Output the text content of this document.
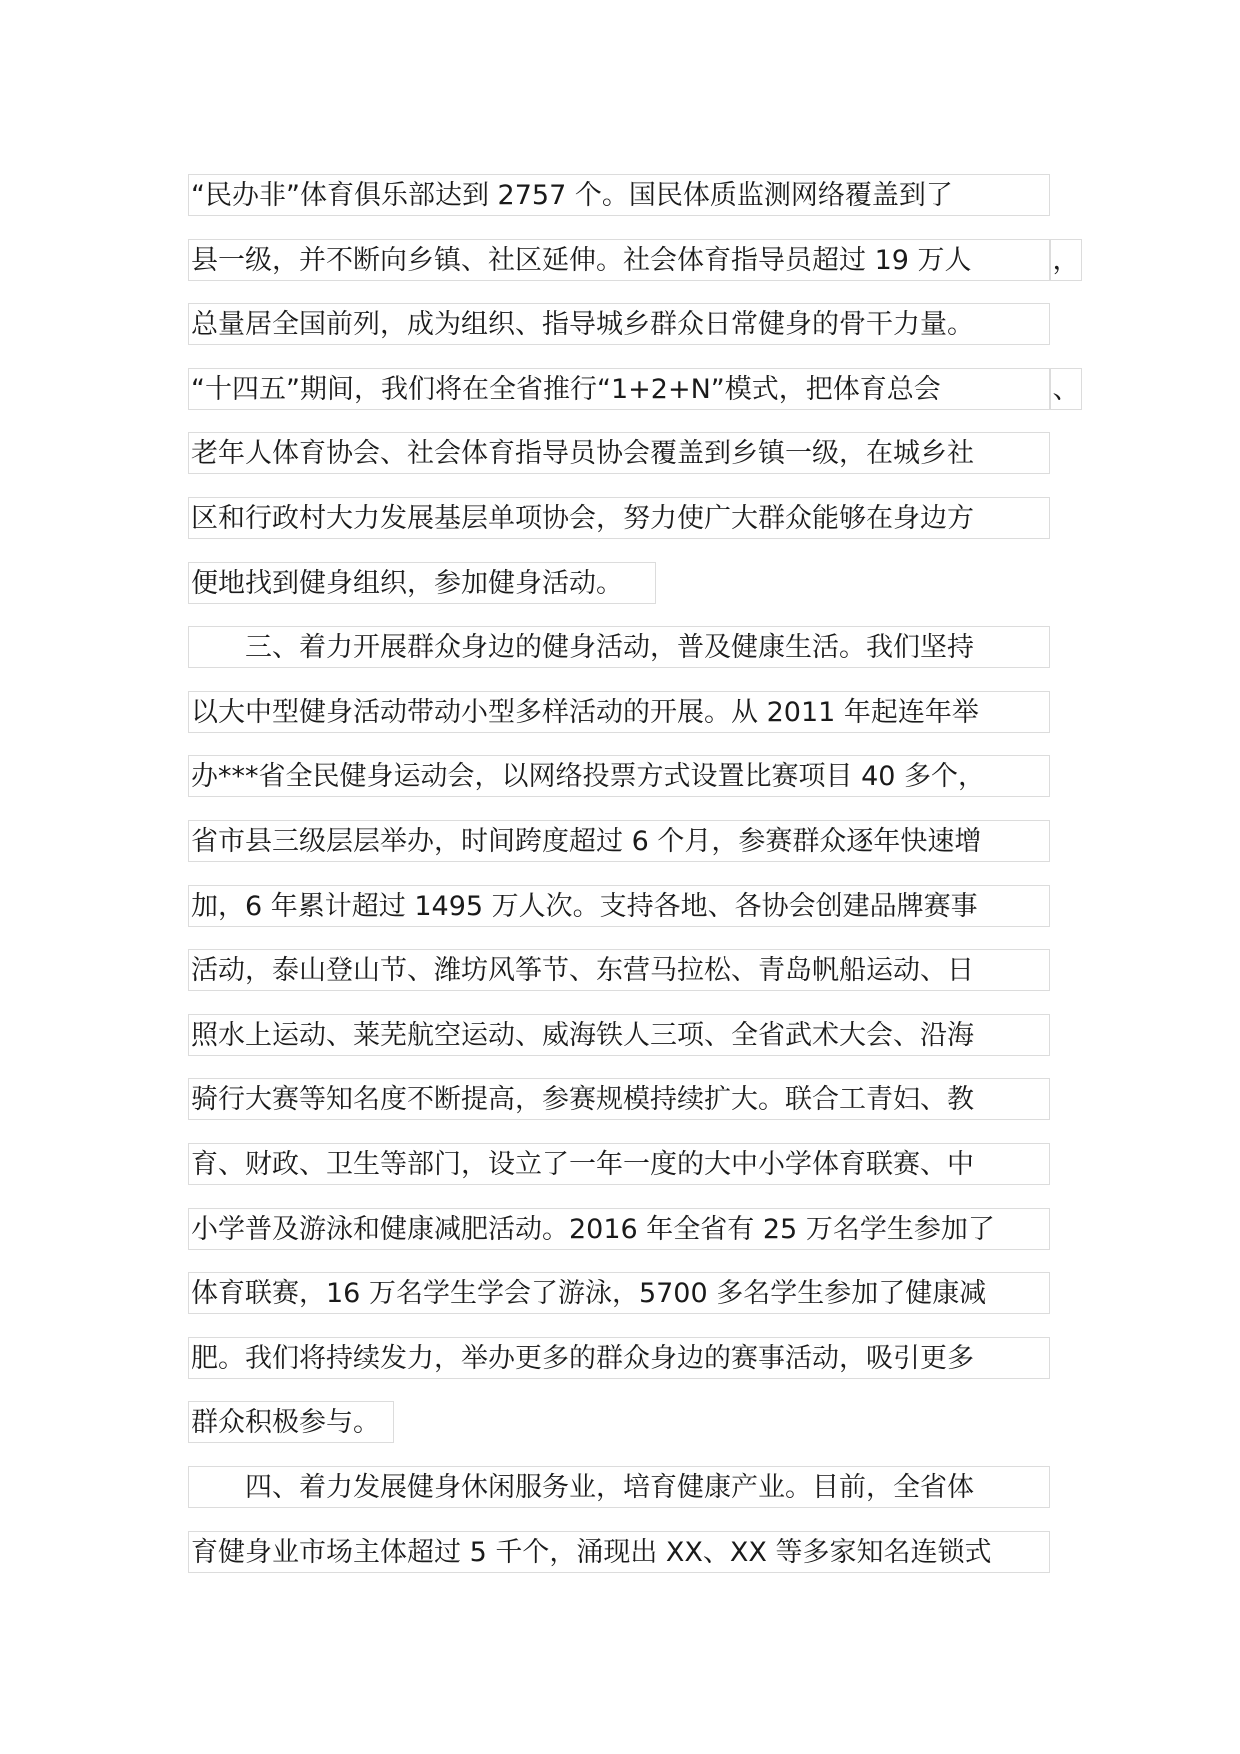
“民办非”体育俱乐部达到 2757 个。国民体质监测网络覆盖到了
县一级，并不断向乡镇、社区延伸。社会体育指导员超过 19 万人	，
总量居全国前列，成为组织、指导城乡群众日常健身的骨干力量。
“十四五”期间，我们将在全省推行“1+2+N”模式，把体育总会	、
老年人体育协会、社会体育指导员协会覆盖到乡镇一级，在城乡社
区和行政村大力发展基层单项协会，努力使广大群众能够在身边方
便地找到健身组织，参加健身活动。
　　三、着力开展群众身边的健身活动，普及健康生活。我们坚持
以大中型健身活动带动小型多样活动的开展。从 2011 年起连年举
办***省全民健身运动会，以网络投票方式设置比赛项目 40 多个，
省市县三级层层举办，时间跨度超过 6 个月，参赛群众逐年快速增
加，6 年累计超过 1495 万人次。支持各地、各协会创建品牌赛事
活动，泰山登山节、潍坊风筝节、东营马拉松、青岛帆船运动、日
照水上运动、莱芜航空运动、威海铁人三项、全省武术大会、沿海
骑行大赛等知名度不断提高，参赛规模持续扩大。联合工青妇、教
育、财政、卫生等部门，设立了一年一度的大中小学体育联赛、中
小学普及游泳和健康减肥活动。2016 年全省有 25 万名学生参加了
体育联赛，16 万名学生学会了游泳，5700 多名学生参加了健康减
肥。我们将持续发力，举办更多的群众身边的赛事活动，吸引更多
群众积极参与。
　　四、着力发展健身休闲服务业，培育健康产业。目前，全省体
育健身业市场主体超过 5 千个，涌现出 XX、XX 等多家知名连锁式
